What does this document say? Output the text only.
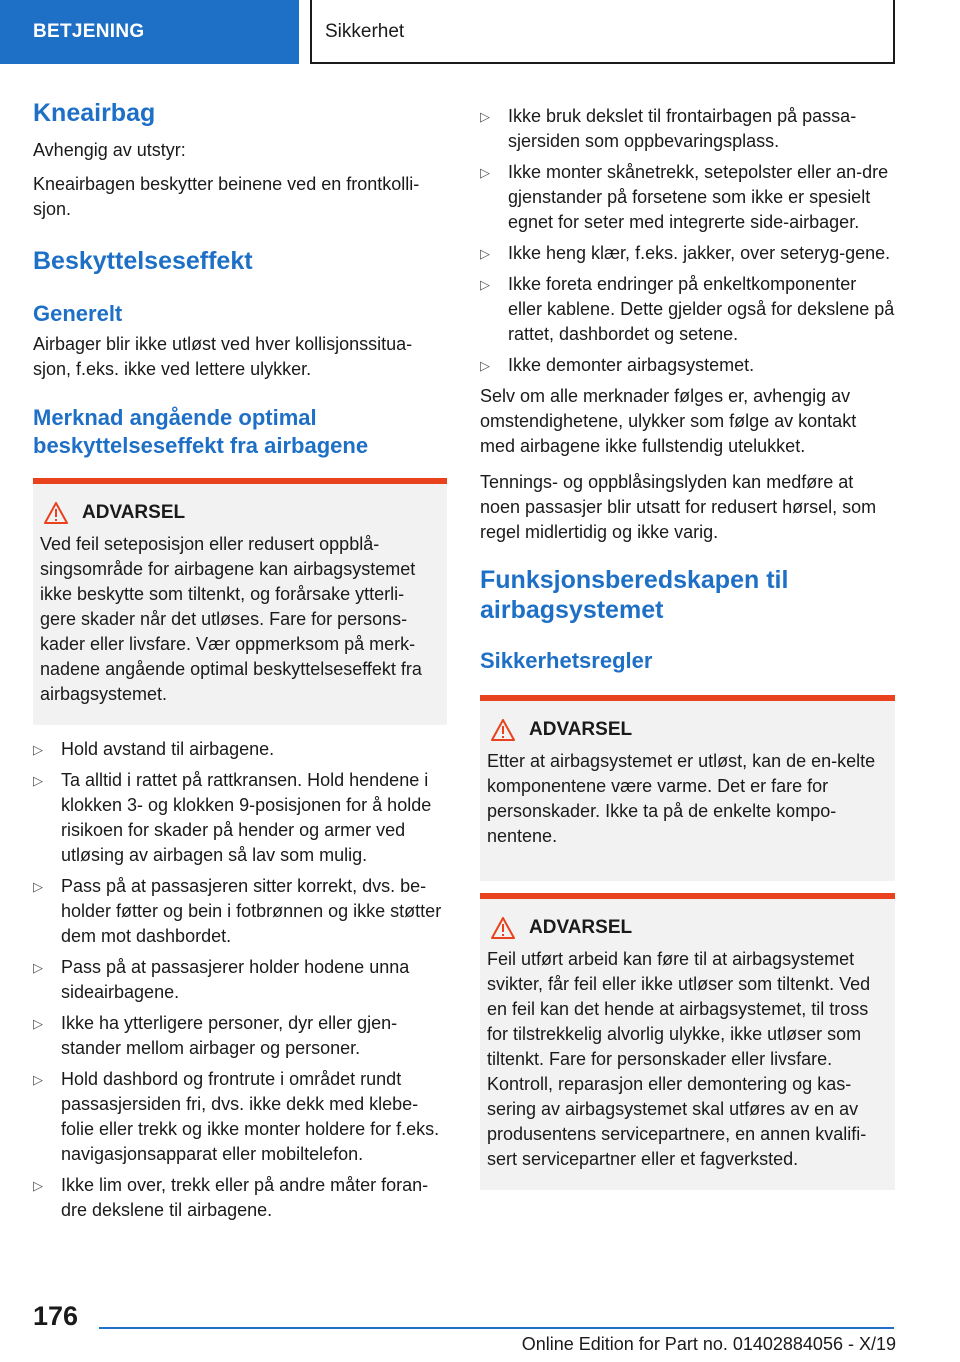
BETJENING	Sikkerhet
Kneairbag

Avhengig av utstyr:

Kneairbagen beskytter beinene ved en frontkolli-sjon.

Beskyttelseseffekt
Generelt

Airbager blir ikke utløst ved hver kollisjonssitua-sjon, f.eks. ikke ved lettere ulykker.

Merknad angående optimal beskyttelseseffekt fra airbagene
ADVARSEL

Ved feil seteposisjon eller redusert oppblå-singsområde for airbagene kan airbagsystemet ikke beskytte som tiltenkt, og forårsake ytterli-gere skader når det utløses. Fare for persons-kader eller livsfare. Vær oppmerksom på merk-nadene angående optimal beskyttelseseffekt fra airbagsystemet.

▷ Hold avstand til airbagene.
▷ Ta alltid i rattet på rattkransen. Hold hendene i klokken 3- og klokken 9-posisjonen for å holde risikoen for skader på hender og armer ved utløsing av airbagen så lav som mulig.
▷ Pass på at passasjeren sitter korrekt, dvs. be-holder føtter og bein i fotbrønnen og ikke støtter dem mot dashbordet.
▷ Pass på at passasjerer holder hodene unna sideairbagene.
▷ Ikke ha ytterligere personer, dyr eller gjen-stander mellom airbager og personer.
▷ Hold dashbord og frontrute i området rundt passasjersiden fri, dvs. ikke dekk med klebe-folie eller trekk og ikke monter holdere for f.eks. navigasjonsapparat eller mobiltelefon.
▷ Ikke lim over, trekk eller på andre måter foran-dre dekslene til airbagene.
▷ Ikke bruk dekslet til frontairbagen på passa-sjersiden som oppbevaringsplass.
▷ Ikke monter skånetrekk, setepolster eller an-dre gjenstander på forsetene som ikke er spesielt egnet for seter med integrerte side-airbager.
▷ Ikke heng klær, f.eks. jakker, over seteryg-gene.
▷ Ikke foreta endringer på enkeltkomponenter eller kablene. Dette gjelder også for dekslene på rattet, dashbordet og setene.
▷ Ikke demonter airbagsystemet.

Selv om alle merknader følges er, avhengig av omstendighetene, ulykker som følge av kontakt med airbagene ikke fullstendig utelukket.

Tennings- og oppblåsingslyden kan medføre at noen passasjer blir utsatt for redusert hørsel, som regel midlertidig og ikke varig.

Funksjonsberedskapen til airbagsystemet
Sikkerhetsregler
ADVARSEL

Etter at airbagsystemet er utløst, kan de en-kelte komponentene være varme. Det er fare for personskader. Ikke ta på de enkelte kompo-nentene.

ADVARSEL

Feil utført arbeid kan føre til at airbagsystemet svikter, får feil eller ikke utløser som tiltenkt. Ved en feil kan det hende at airbagsystemet, til tross for tilstrekkelig alvorlig ulykke, ikke utløser som tiltenkt. Fare for personskader eller livsfare. Kontroll, reparasjon eller demontering og kas-sering av airbagsystemet skal utføres av en av produsentens servicepartnere, en annen kvalifi-sert servicepartner eller et fagverksted.

176
Online Edition for Part no. 01402884056 - X/19
